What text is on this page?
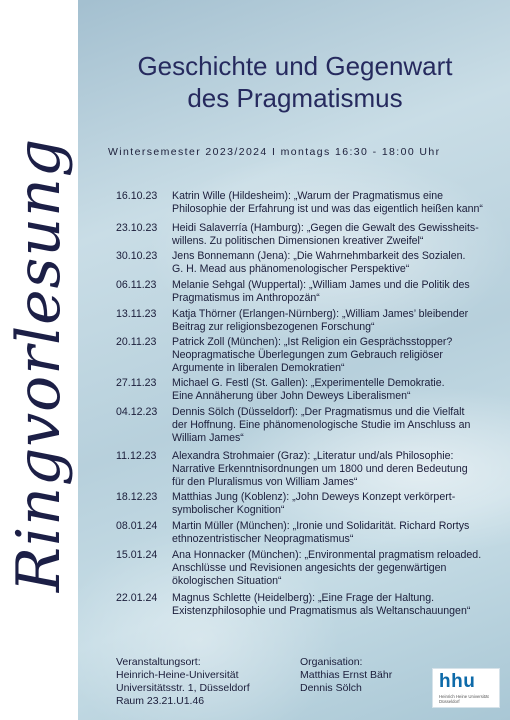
Ringvorlesung
Geschichte und Gegenwart
des Pragmatismus
Wintersemester 2023/2024 I montags 16:30 - 18:00 Uhr
16.10.23	Katrin Wille (Hildesheim): „Warum der Pragmatismus eine
Philosophie der Erfahrung ist und was das eigentlich heißen kann“
23.10.23	Heidi Salaverría (Hamburg): „Gegen die Gewalt des Gewissheits-
willens. Zu politischen Dimensionen kreativer Zweifel“
30.10.23	Jens Bonnemann (Jena): „Die Wahrnehmbarkeit des Sozialen.
G. H. Mead aus phänomenologischer Perspektive“
06.11.23	Melanie Sehgal (Wuppertal): „William James und die Politik des
Pragmatismus im Anthropozän“
13.11.23	Katja Thörner (Erlangen-Nürnberg): „William James’ bleibender
Beitrag zur religionsbezogenen Forschung“
20.11.23	Patrick Zoll (München): „Ist Religion ein Gesprächsstopper?
Neopragmatische Überlegungen zum Gebrauch religiöser
Argumente in liberalen Demokratien“
27.11.23	Michael G. Festl (St. Gallen): „Experimentelle Demokratie.
Eine Annäherung über John Deweys Liberalismen“
04.12.23	Dennis Sölch (Düsseldorf): „Der Pragmatismus und die Vielfalt
der Hoffnung. Eine phänomenologische Studie im Anschluss an
William James“
11.12.23	Alexandra Strohmaier (Graz): „Literatur und/als Philosophie:
Narrative Erkenntnisordnungen um 1800 und deren Bedeutung
für den Pluralismus von William James“
18.12.23	Matthias Jung (Koblenz): „John Deweys Konzept verkörpert-
symbolischer Kognition“
08.01.24	Martin Müller (München): „Ironie und Solidarität. Richard Rortys
ethnozentristischer Neopragmatismus“
15.01.24	Ana Honnacker (München): „Environmental pragmatism reloaded.
Anschlüsse und Revisionen angesichts der gegenwärtigen
ökologischen Situation“
22.01.24	Magnus Schlette (Heidelberg): „Eine Frage der Haltung.
Existenzphilosophie und Pragmatismus als Weltanschauungen“
Veranstaltungsort:
Heinrich-Heine-Universität
Universitätsstr. 1, Düsseldorf
Raum 23.21.U1.46
Organisation:
Matthias Ernst Bähr
Dennis Sölch	hhu
Heinrich Heine Universität Düsseldorf
